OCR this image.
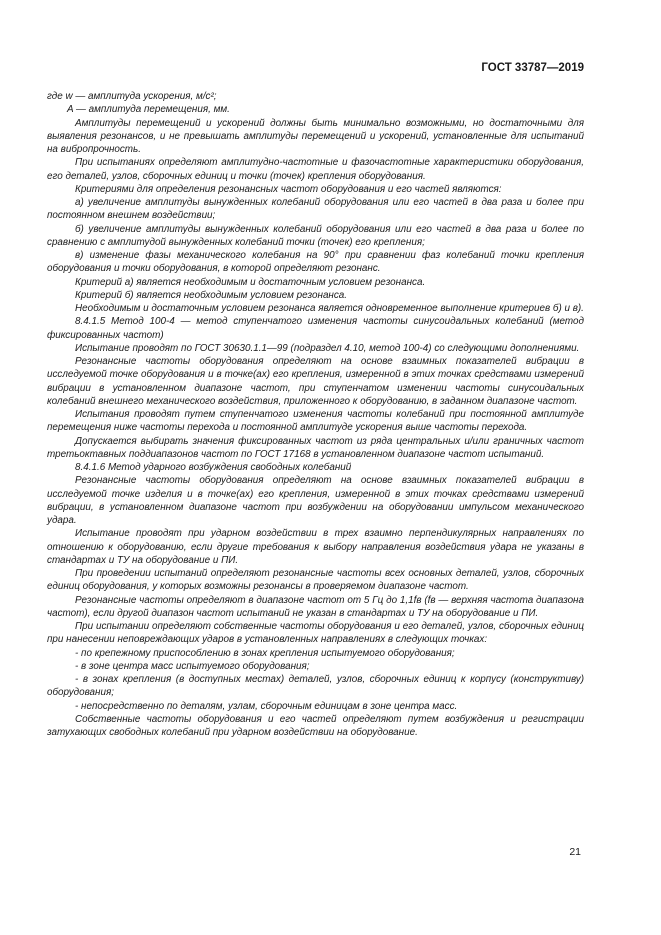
ГОСТ 33787—2019

где w — амплитуда ускорения, м/с²;

A — амплитуда перемещения, мм.

Амплитуды перемещений и ускорений должны быть минимально возможными, но достаточными для выявления резонансов, и не превышать амплитуды перемещений и ускорений, установленные для испытаний на вибропрочность.

При испытаниях определяют амплитудно-частотные и фазочастотные характеристики оборудования, его деталей, узлов, сборочных единиц и точки (точек) крепления оборудования.

Критериями для определения резонансных частот оборудования и его частей являются:

а) увеличение амплитуды вынужденных колебаний оборудования или его частей в два раза и более при постоянном внешнем воздействии;

б) увеличение амплитуды вынужденных колебаний оборудования или его частей в два раза и более по сравнению с амплитудой вынужденных колебаний точки (точек) его крепления;

в) изменение фазы механического колебания на 90° при сравнении фаз колебаний точки крепления оборудования и точки оборудования, в которой определяют резонанс.

Критерий а) является необходимым и достаточным условием резонанса.

Критерий б) является необходимым условием резонанса.

Необходимым и достаточным условием резонанса является одновременное выполнение критериев б) и в).

8.4.1.5 Метод 100-4 — метод ступенчатого изменения частоты синусоидальных колебаний (метод фиксированных частот)

Испытание проводят по ГОСТ 30630.1.1—99 (подраздел 4.10, метод 100-4) со следующими дополнениями.

Резонансные частоты оборудования определяют на основе взаимных показателей вибрации в исследуемой точке оборудования и в точке(ах) его крепления, измеренной в этих точках средствами измерений вибрации в установленном диапазоне частот, при ступенчатом изменении частоты синусоидальных колебаний внешнего механического воздействия, приложенного к оборудованию, в заданном диапазоне частот.

Испытания проводят путем ступенчатого изменения частоты колебаний при постоянной амплитуде перемещения ниже частоты перехода и постоянной амплитуде ускорения выше частоты перехода.

Допускается выбирать значения фиксированных частот из ряда центральных и/или граничных частот третьоктавных поддиапазонов частот по ГОСТ 17168 в установленном диапазоне частот испытаний.

8.4.1.6 Метод ударного возбуждения свободных колебаний

Резонансные частоты оборудования определяют на основе взаимных показателей вибрации в исследуемой точке изделия и в точке(ах) его крепления, измеренной в этих точках средствами измерений вибрации, в установленном диапазоне частот при возбуждении на оборудовании импульсом механического удара.

Испытание проводят при ударном воздействии в трех взаимно перпендикулярных направлениях по отношению к оборудованию, если другие требования к выбору направления воздействия удара не указаны в стандартах и ТУ на оборудование и ПИ.

При проведении испытаний определяют резонансные частоты всех основных деталей, узлов, сборочных единиц оборудования, у которых возможны резонансы в проверяемом диапазоне частот.

Резонансные частоты определяют в диапазоне частот от 5 Гц до 1,1fв (fв — верхняя частота диапазона частот), если другой диапазон частот испытаний не указан в стандартах и ТУ на оборудование и ПИ.

При испытании определяют собственные частоты оборудования и его деталей, узлов, сборочных единиц при нанесении неповреждающих ударов в установленных направлениях в следующих точках:

- по крепежному приспособлению в зонах крепления испытуемого оборудования;

- в зоне центра масс испытуемого оборудования;

- в зонах крепления (в доступных местах) деталей, узлов, сборочных единиц к корпусу (конструктиву) оборудования;

- непосредственно по деталям, узлам, сборочным единицам в зоне центра масс.

Собственные частоты оборудования и его частей определяют путем возбуждения и регистрации затухающих свободных колебаний при ударном воздействии на оборудование.

21
